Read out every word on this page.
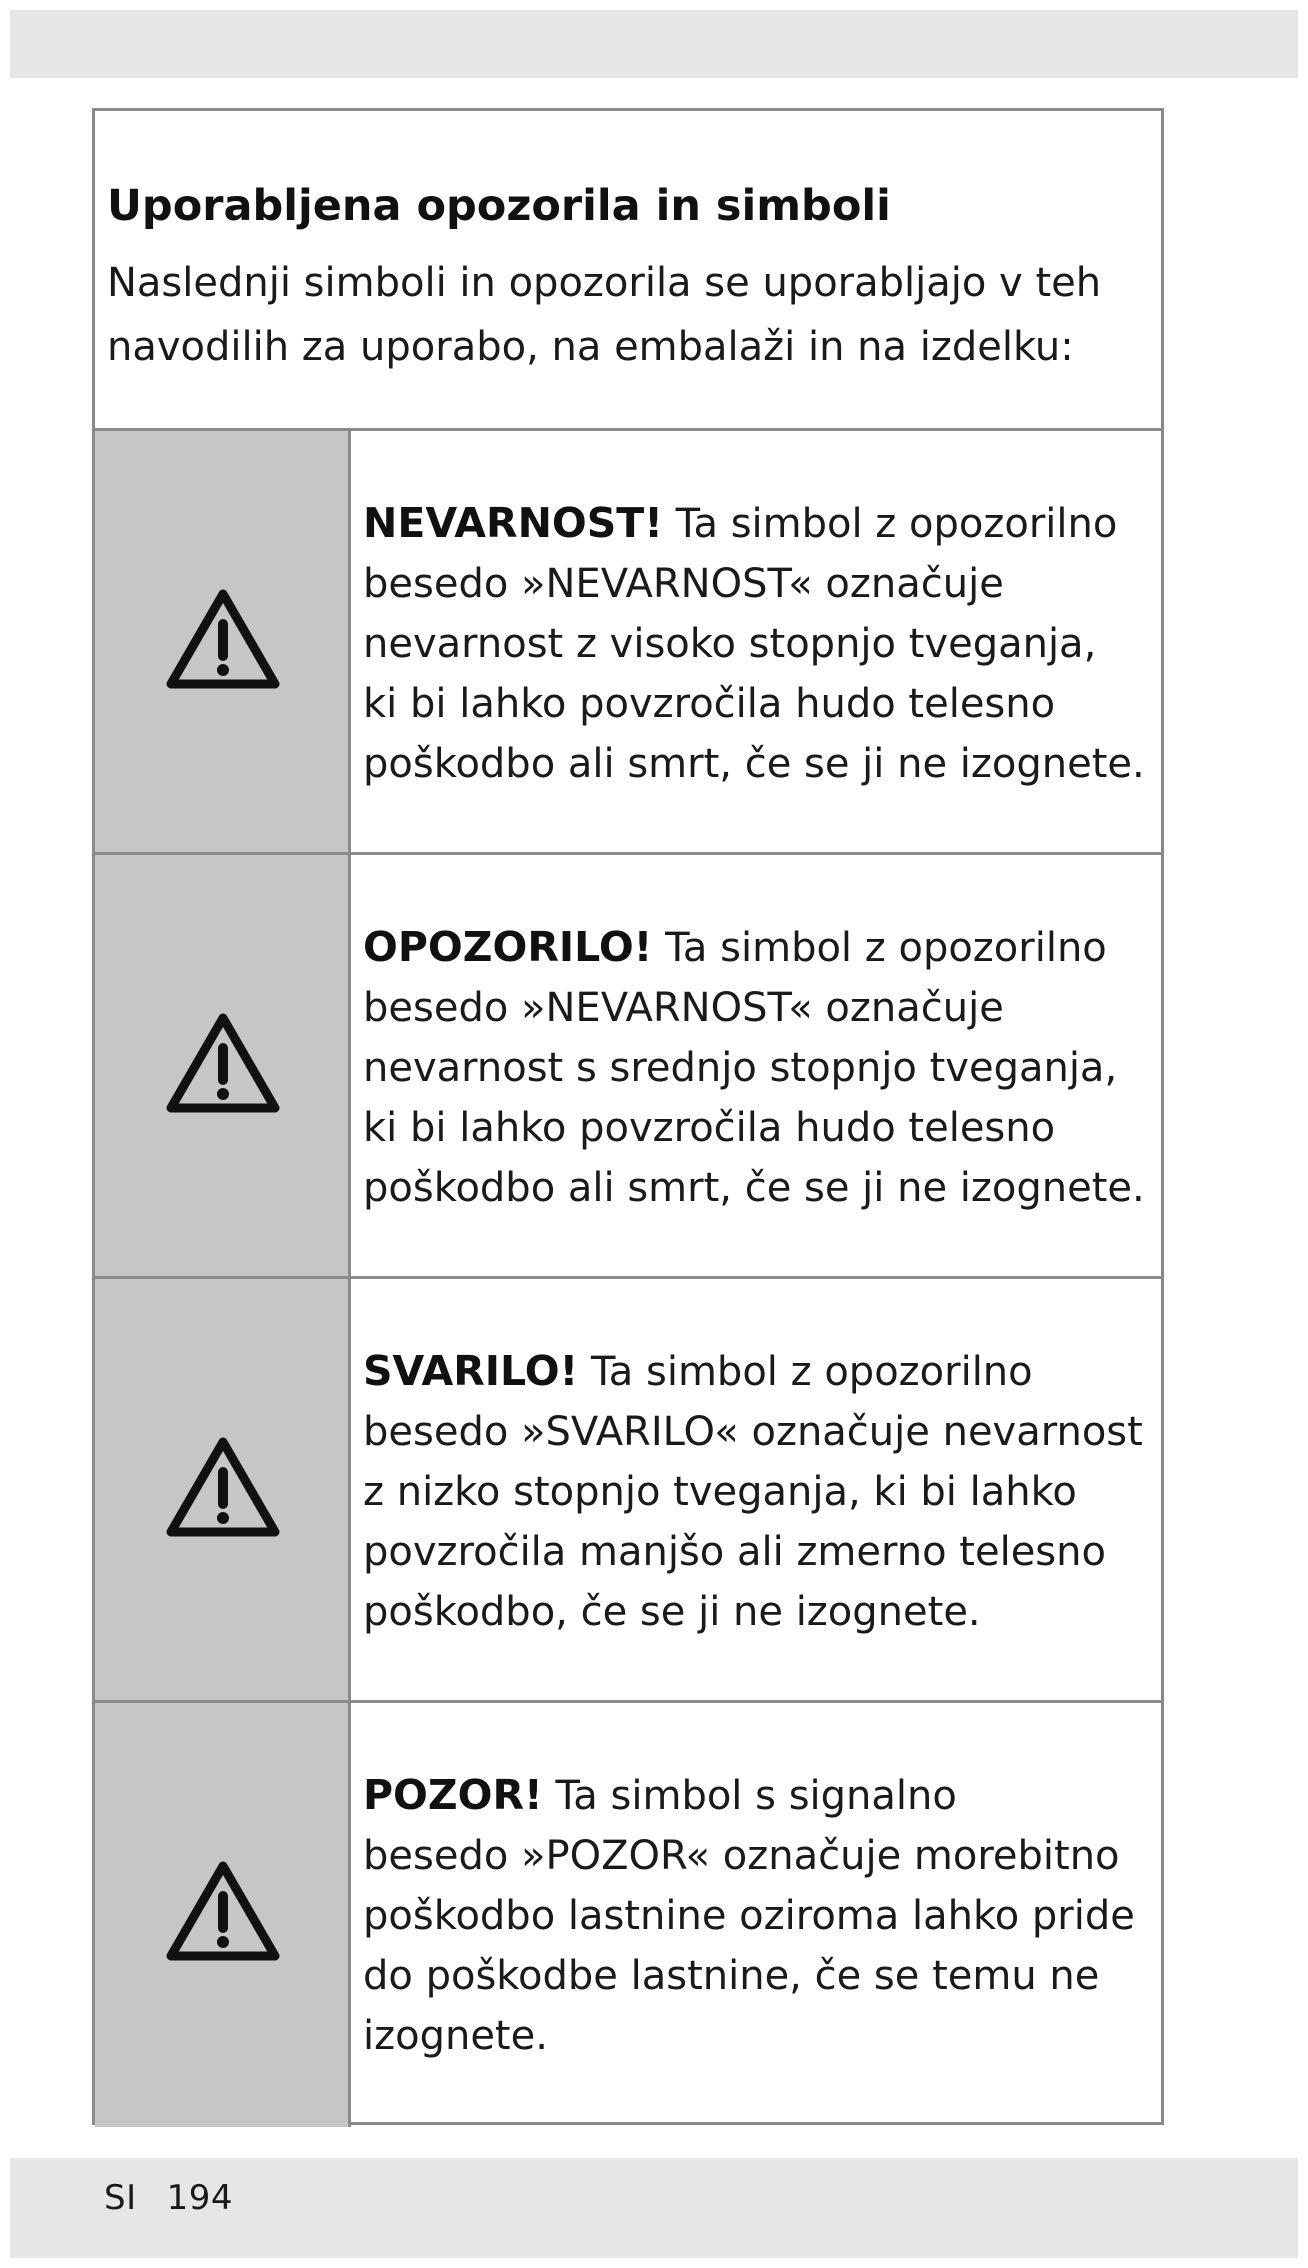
Uporabljena opozorila in simboli
Naslednji simboli in opozorila se uporabljajo v teh navodilih za uporabo, na embalaži in na izdelku:
NEVARNOST! Ta simbol z opozorilno
besedo »NEVARNOST« označuje
nevarnost z visoko stopnjo tveganja,
ki bi lahko povzročila hudo telesno
poškodbo ali smrt, če se ji ne izognete.
OPOZORILO! Ta simbol z opozorilno
besedo »NEVARNOST« označuje
nevarnost s srednjo stopnjo tveganja,
ki bi lahko povzročila hudo telesno
poškodbo ali smrt, če se ji ne izognete.
SVARILO! Ta simbol z opozorilno
besedo »SVARILO« označuje nevarnost
z nizko stopnjo tveganja, ki bi lahko
povzročila manjšo ali zmerno telesno
poškodbo, če se ji ne izognete.
POZOR! Ta simbol s signalno
besedo »POZOR« označuje morebitno
poškodbo lastnine oziroma lahko pride
do poškodbe lastnine, če se temu ne
izognete.
SI 194
